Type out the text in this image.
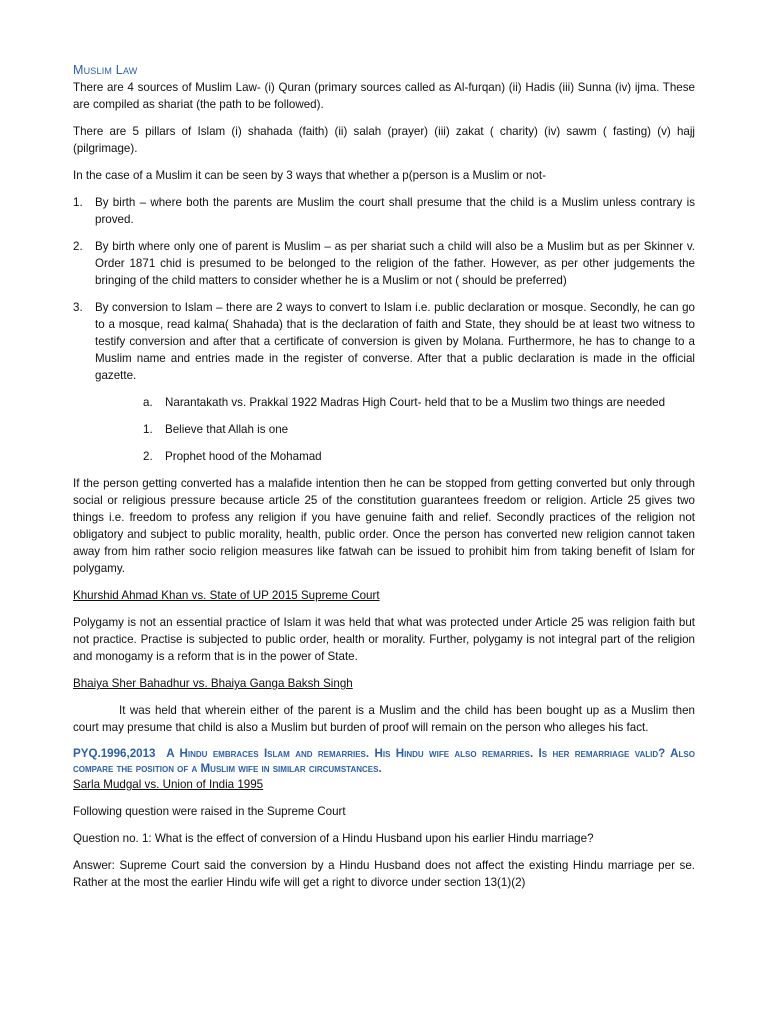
Muslim Law

There are 4 sources of Muslim Law- (i) Quran (primary sources called as Al-furqan) (ii) Hadis (iii) Sunna (iv) ijma. These are compiled as shariat (the path to be followed).

There are 5 pillars of Islam (i) shahada (faith) (ii) salah (prayer) (iii) zakat ( charity) (iv) sawm ( fasting) (v) hajj (pilgrimage).

In the case of a Muslim it can be seen by 3 ways that whether a p(person is a Muslim or not-

1. By birth – where both the parents are Muslim the court shall presume that the child is a Muslim unless contrary is proved.
2. By birth where only one of parent is Muslim – as per shariat such a child will also be a Muslim but as per Skinner v. Order 1871 chid is presumed to be belonged to the religion of the father. However, as per other judgements the bringing of the child matters to consider whether he is a Muslim or not ( should be preferred)
3. By conversion to Islam – there are 2 ways to convert to Islam i.e. public declaration or mosque. Secondly, he can go to a mosque, read kalma( Shahada) that is the declaration of faith and State, they should be at least two witness to testify conversion and after that a certificate of conversion is given by Molana. Furthermore, he has to change to a Muslim name and entries made in the register of converse. After that a public declaration is made in the official gazette.
a. Narantakath vs. Prakkal 1922 Madras High Court- held that to be a Muslim two things are needed
1. Believe that Allah is one
2. Prophet hood of the Mohamad

If the person getting converted has a malafide intention then he can be stopped from getting converted but only through social or religious pressure because article 25 of the constitution guarantees freedom or religion. Article 25 gives two things i.e. freedom to profess any religion if you have genuine faith and relief. Secondly practices of the religion not obligatory and subject to public morality, health, public order. Once the person has converted new religion cannot taken away from him rather socio religion measures like fatwah can be issued to prohibit him from taking benefit of Islam for polygamy.

Khurshid Ahmad Khan vs. State of UP 2015 Supreme Court

Polygamy is not an essential practice of Islam it was held that what was protected under Article 25 was religion faith but not practice. Practise is subjected to public order, health or morality. Further, polygamy is not integral part of the religion and monogamy is a reform that is in the power of State.

Bhaiya Sher Bahadhur vs. Bhaiya Ganga Baksh Singh

It was held that wherein either of the parent is a Muslim and the child has been bought up as a Muslim then court may presume that child is also a Muslim but burden of proof will remain on the person who alleges his fact.

PYQ.1996,2013 A Hindu embraces Islam and remarries. His Hindu wife also remarries. Is her remarriage valid? Also compare the position of a Muslim wife in similar circumstances.

Sarla Mudgal vs. Union of India 1995

Following question were raised in the Supreme Court

Question no. 1: What is the effect of conversion of a Hindu Husband upon his earlier Hindu marriage?

Answer: Supreme Court said the conversion by a Hindu Husband does not affect the existing Hindu marriage per se. Rather at the most the earlier Hindu wife will get a right to divorce under section 13(1)(2)
